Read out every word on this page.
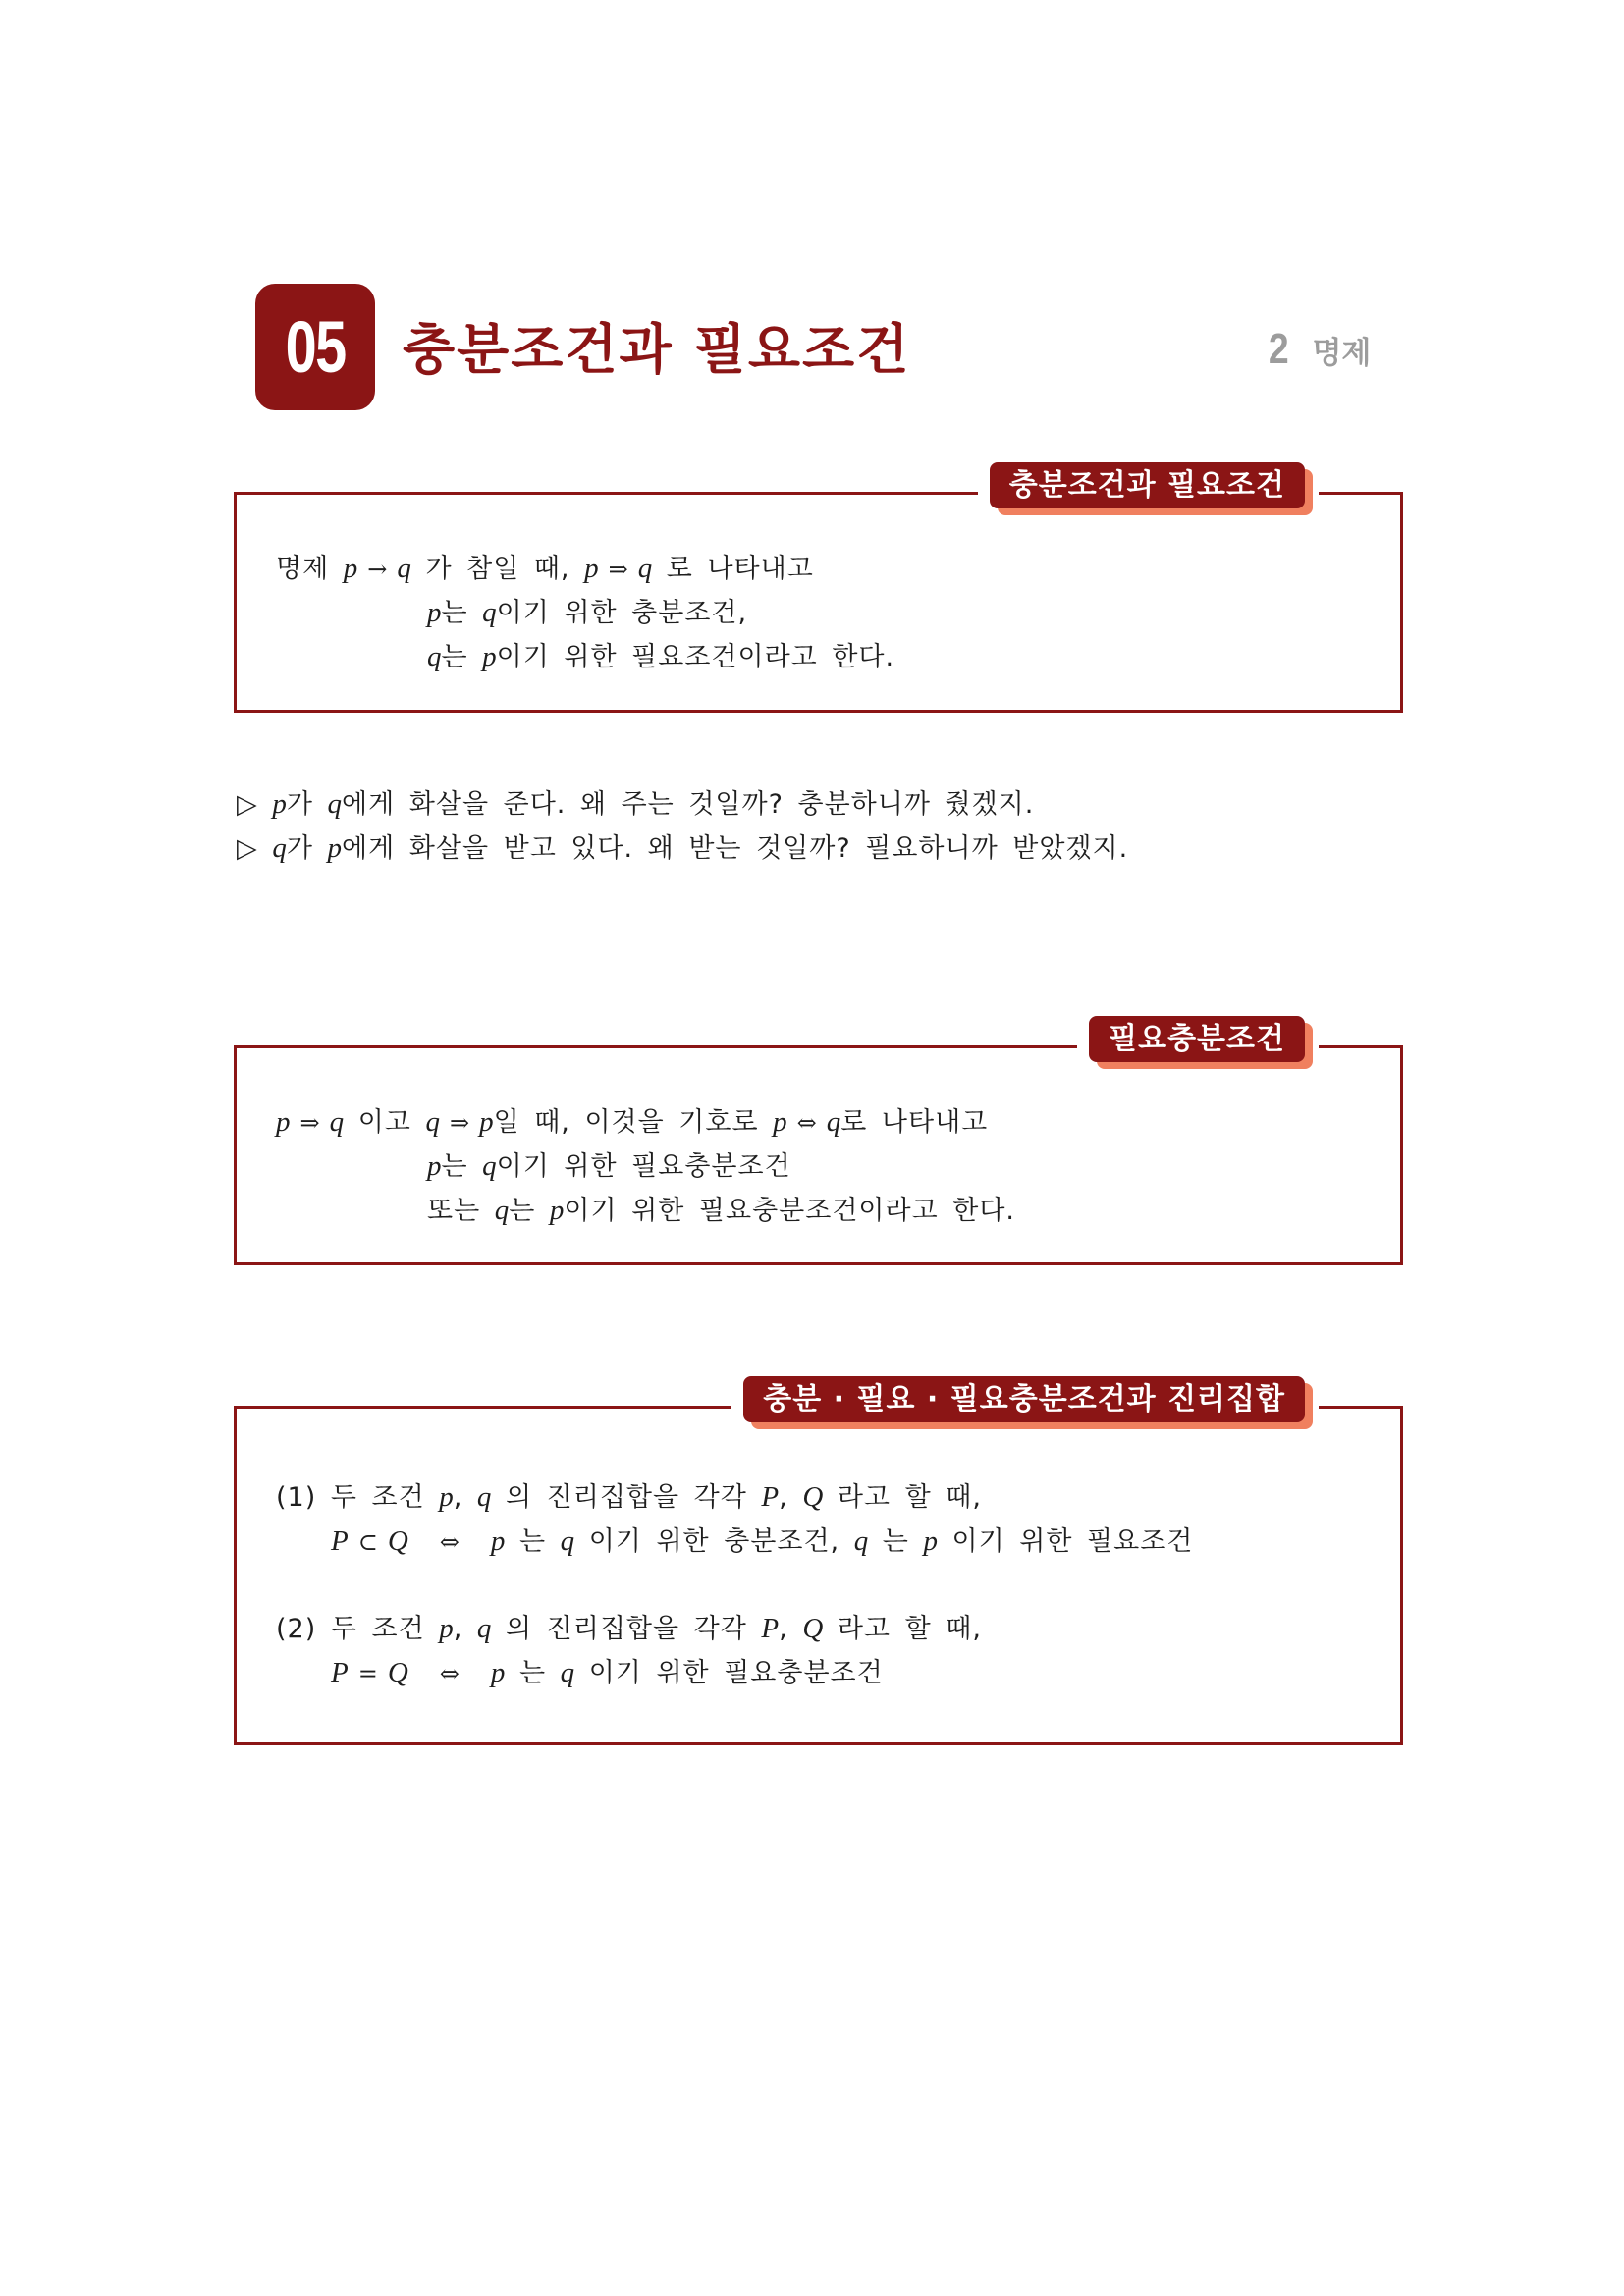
05 충분조건과 필요조건	2 명제
명제 p → q 가 참일 때, p ⇒ q 로 나타내고
p는 q이기 위한 충분조건,
q는 p이기 위한 필요조건이라고 한다.
충분조건과 필요조건
▷ p가 q에게 화살을 준다. 왜 주는 것일까? 충분하니까 줬겠지.
▷ q가 p에게 화살을 받고 있다. 왜 받는 것일까? 필요하니까 받았겠지.
p ⇒ q 이고 q ⇒ p일 때, 이것을 기호로 p ⇔ q로 나타내고
p는 q이기 위한 필요충분조건
또는 q는 p이기 위한 필요충분조건이라고 한다.
필요충분조건
(1) 두 조건 p, q 의 진리집합을 각각 P, Q 라고 할 때,
P ⊂ Q ⇔ p 는 q 이기 위한 충분조건, q 는 p 이기 위한 필요조건
(2) 두 조건 p, q 의 진리집합을 각각 P, Q 라고 할 때,
P = Q ⇔ p 는 q 이기 위한 필요충분조건
충분 · 필요 · 필요충분조건과 진리집합
